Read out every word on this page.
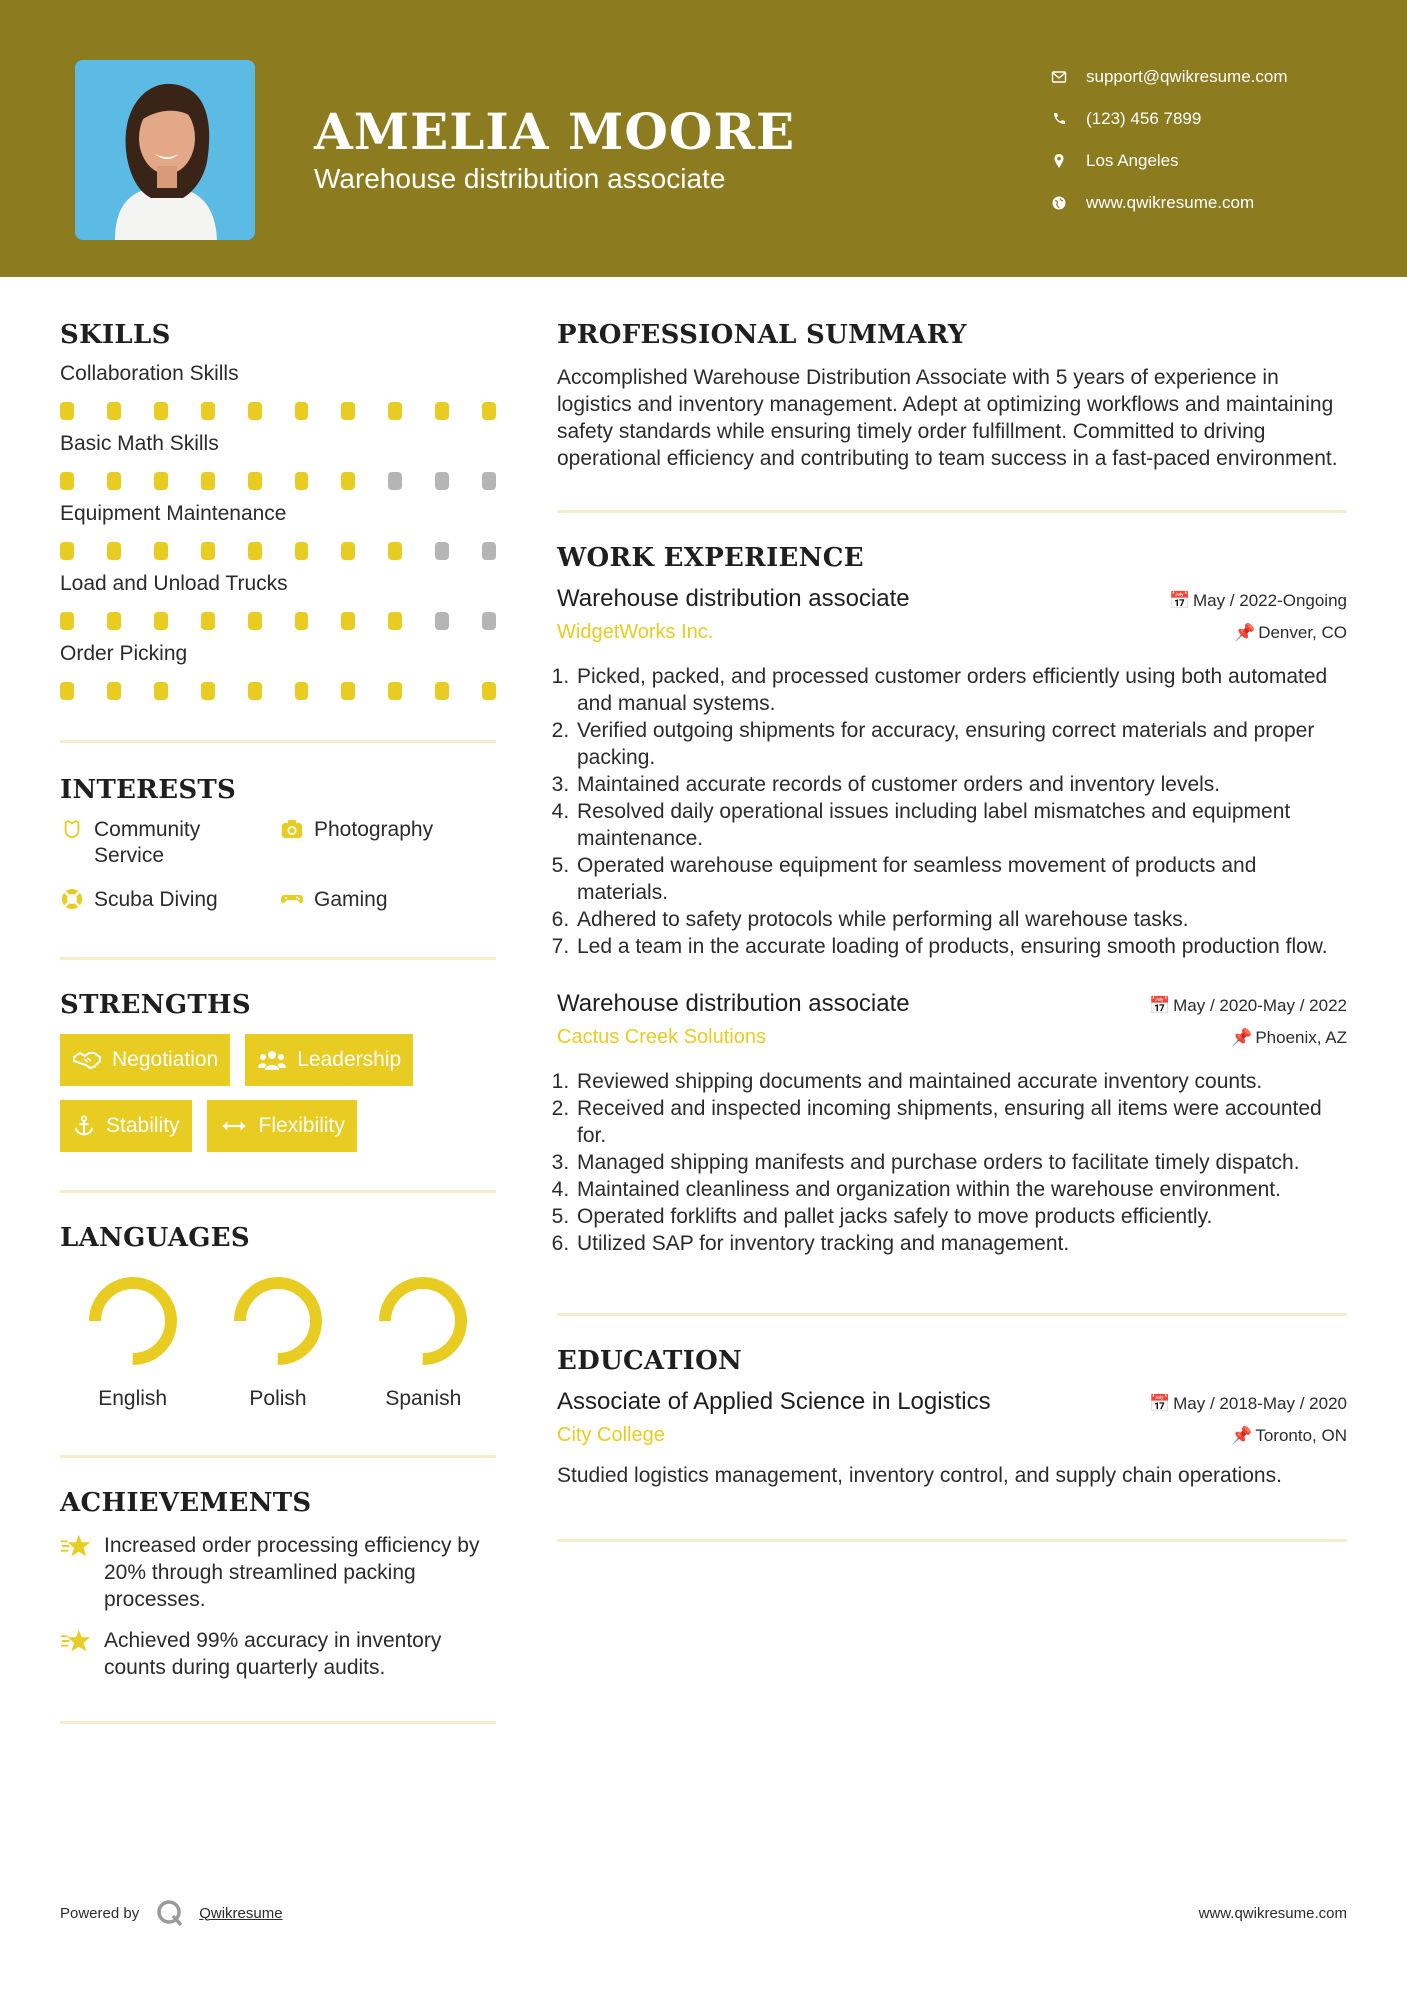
AMELIA MOORE
Warehouse distribution associate
support@qwikresume.com
(123) 456 7899
Los Angeles
www.qwikresume.com
SKILLS
Collaboration Skills
Basic Math Skills
Equipment Maintenance
Load and Unload Trucks
Order Picking
INTERESTS
Community Service
Photography
Scuba Diving	Gaming
STRENGTHS
Negotiation	Leadership
Stability	Flexibility
LANGUAGES
English	Polish	Spanish
ACHIEVEMENTS
Increased order processing efficiency by 20% through streamlined packing processes.
Achieved 99% accuracy in inventory counts during quarterly audits.
PROFESSIONAL SUMMARY
Accomplished Warehouse Distribution Associate with 5 years of experience in logistics and inventory management. Adept at optimizing workflows and maintaining safety standards while ensuring timely order fulfillment. Committed to driving operational efficiency and contributing to team success in a fast-paced environment.
WORK EXPERIENCE
Warehouse distribution associate
WidgetWorks Inc.
📅 May / 2022-Ongoing
📌 Denver, CO
1. Picked, packed, and processed customer orders efficiently using both automated and manual systems.
2. Verified outgoing shipments for accuracy, ensuring correct materials and proper packing.
3. Maintained accurate records of customer orders and inventory levels.
4. Resolved daily operational issues including label mismatches and equipment maintenance.
5. Operated warehouse equipment for seamless movement of products and materials.
6. Adhered to safety protocols while performing all warehouse tasks.
7. Led a team in the accurate loading of products, ensuring smooth production flow.
Warehouse distribution associate
Cactus Creek Solutions
📅 May / 2020-May / 2022
📌 Phoenix, AZ
1. Reviewed shipping documents and maintained accurate inventory counts.
2. Received and inspected incoming shipments, ensuring all items were accounted for.
3. Managed shipping manifests and purchase orders to facilitate timely dispatch.
4. Maintained cleanliness and organization within the warehouse environment.
5. Operated forklifts and pallet jacks safely to move products efficiently.
6. Utilized SAP for inventory tracking and management.
EDUCATION
Associate of Applied Science in Logistics
City College
📅 May / 2018-May / 2020
📌 Toronto, ON
Studied logistics management, inventory control, and supply chain operations.
Powered by	Qwikresume	www.qwikresume.com
